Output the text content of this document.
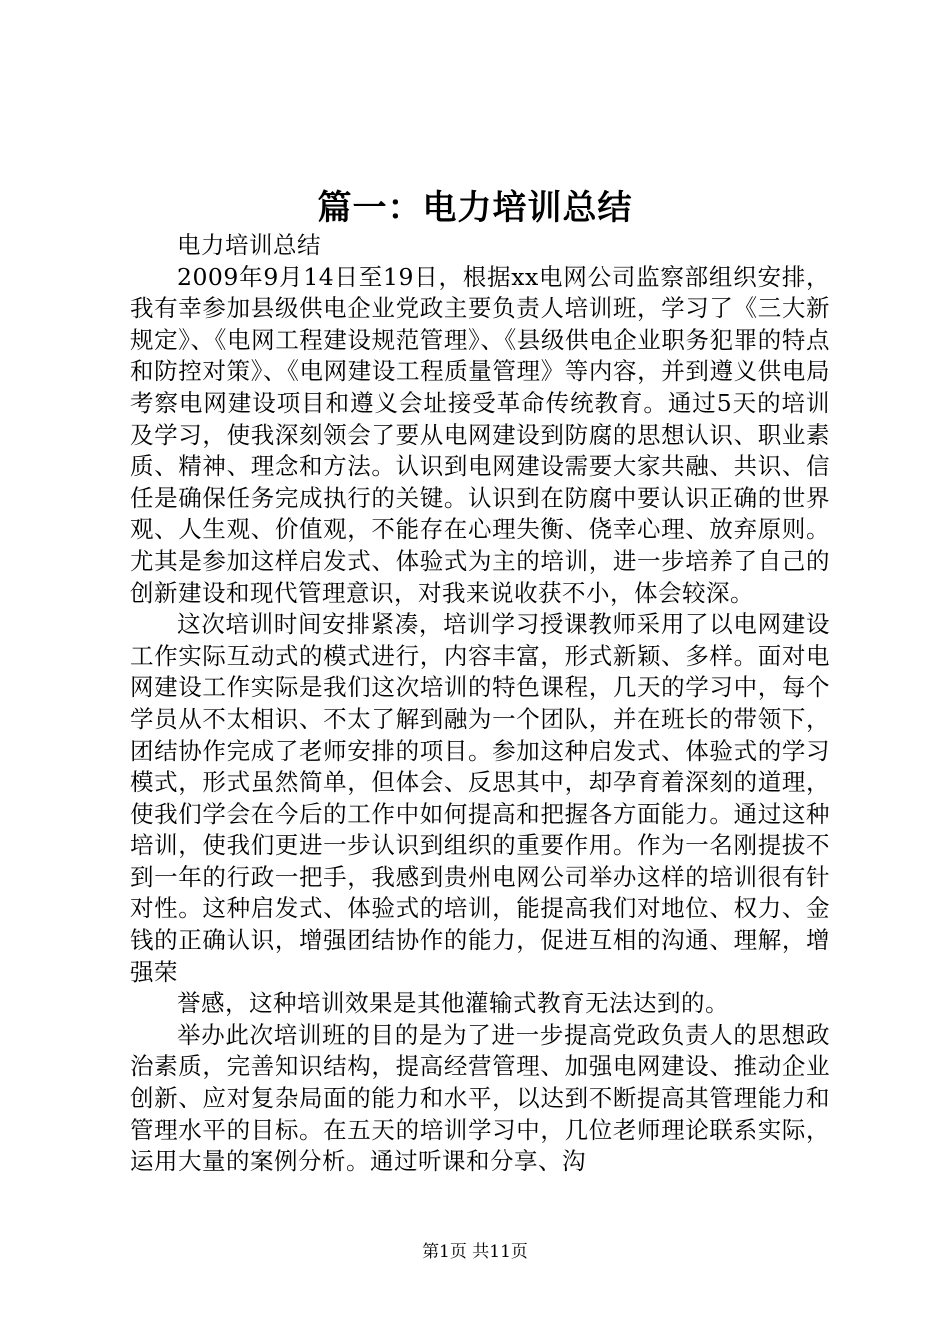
篇一：电力培训总结

电力培训总结

2009年9月14日至19日，根据xx电网公司监察部组织安排，我有幸参加县级供电企业党政主要负责人培训班，学习了《三大新规定》、《电网工程建设规范管理》、《县级供电企业职务犯罪的特点和防控对策》、《电网建设工程质量管理》等内容，并到遵义供电局考察电网建设项目和遵义会址接受革命传统教育。通过5天的培训及学习，使我深刻领会了要从电网建设到防腐的思想认识、职业素质、精神、理念和方法。认识到电网建设需要大家共融、共识、信任是确保任务完成执行的关键。认识到在防腐中要认识正确的世界观、人生观、价值观，不能存在心理失衡、侥幸心理、放弃原则。尤其是参加这样启发式、体验式为主的培训，进一步培养了自己的创新建设和现代管理意识，对我来说收获不小，体会较深。

这次培训时间安排紧凑，培训学习授课教师采用了以电网建设工作实际互动式的模式进行，内容丰富，形式新颖、多样。面对电网建设工作实际是我们这次培训的特色课程，几天的学习中，每个学员从不太相识、不太了解到融为一个团队，并在班长的带领下，团结协作完成了老师安排的项目。参加这种启发式、体验式的学习模式，形式虽然简单，但体会、反思其中，却孕育着深刻的道理，使我们学会在今后的工作中如何提高和把握各方面能力。通过这种培训，使我们更进一步认识到组织的重要作用。作为一名刚提拔不到一年的行政一把手，我感到贵州电网公司举办这样的培训很有针对性。这种启发式、体验式的培训，能提高我们对地位、权力、金钱的正确认识，增强团结协作的能力，促进互相的沟通、理解，增强荣

誉感，这种培训效果是其他灌输式教育无法达到的。

举办此次培训班的目的是为了进一步提高党政负责人的思想政治素质，完善知识结构，提高经营管理、加强电网建设、推动企业创新、应对复杂局面的能力和水平，以达到不断提高其管理能力和管理水平的目标。在五天的培训学习中，几位老师理论联系实际，运用大量的案例分析。通过听课和分享、沟

第1页 共11页
